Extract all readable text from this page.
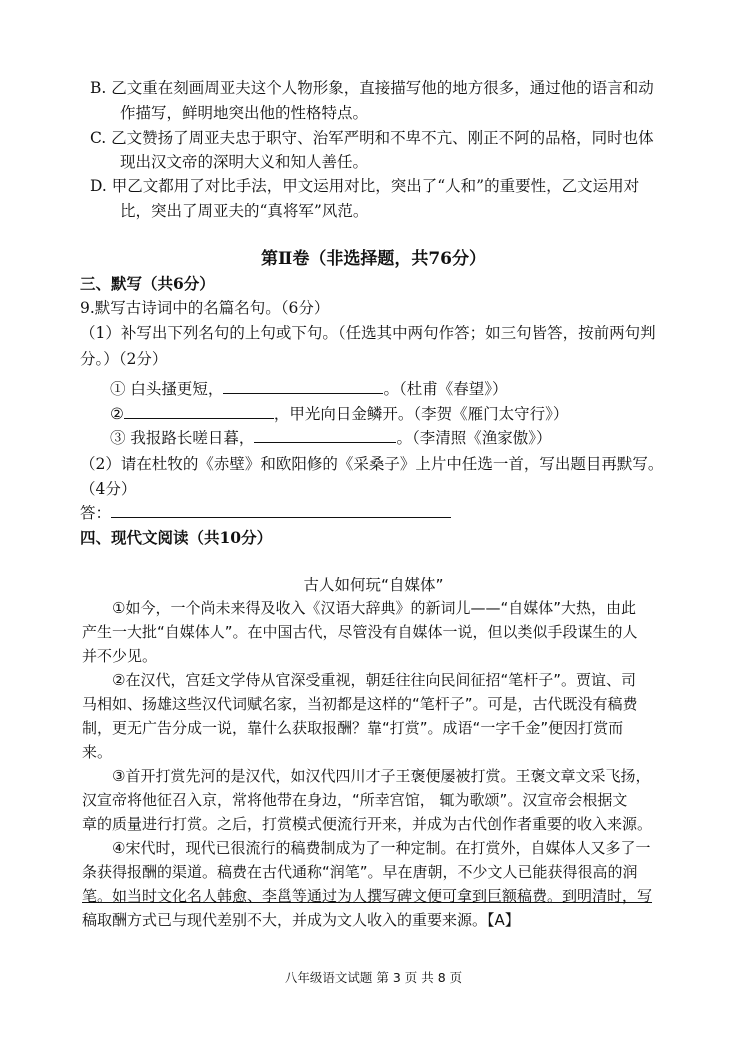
B. 乙文重在刻画周亚夫这个人物形象，直接描写他的地方很多，通过他的语言和动
作描写，鲜明地突出他的性格特点。
C. 乙文赞扬了周亚夫忠于职守、治军严明和不卑不亢、刚正不阿的品格，同时也体
现出汉文帝的深明大义和知人善任。
D. 甲乙文都用了对比手法，甲文运用对比，突出了“人和”的重要性，乙文运用对
比，突出了周亚夫的“真将军”风范。
第Ⅱ卷（非选择题，共76分）
三、默写（共6分）
9.默写古诗词中的名篇名句。（6分）
（1）补写出下列名句的上句或下句。（任选其中两句作答；如三句皆答，按前两句判
分。）（2分）
① 白头搔更短，	。（杜甫《春望》）
②	，甲光向日金鳞开。（李贺《雁门太守行》）
③ 我报路长嗟日暮，	。（李清照《渔家傲》）
（2）请在杜牧的《赤壁》和欧阳修的《采桑子》上片中任选一首，写出题目再默写。
（4分）
答：
四、现代文阅读（共10分）
古人如何玩“自媒体”
①如今，一个尚未来得及收入《汉语大辞典》的新词儿——“自媒体”大热，由此
产生一大批“自媒体人”。在中国古代，尽管没有自媒体一说，但以类似手段谋生的人
并不少见。
②在汉代，宫廷文学侍从官深受重视，朝廷往往向民间征招“笔杆子”。贾谊、司
马相如、扬雄这些汉代词赋名家，当初都是这样的“笔杆子”。可是，古代既没有稿费
制，更无广告分成一说，靠什么获取报酬？靠“打赏”。成语“一字千金”便因打赏而
来。
③首开打赏先河的是汉代，如汉代四川才子王褒便屡被打赏。王褒文章文采飞扬，
汉宣帝将他征召入京，常将他带在身边，“所幸宫馆， 辄为歌颂”。汉宣帝会根据文
章的质量进行打赏。之后，打赏模式便流行开来，并成为古代创作者重要的收入来源。
④宋代时，现代已很流行的稿费制成为了一种定制。在打赏外，自媒体人又多了一
条获得报酬的渠道。稿费在古代通称“润笔”。早在唐朝，不少文人已能获得很高的润
笔。如当时文化名人韩愈、李邕等通过为人撰写碑文便可拿到巨额稿费。到明清时，写
稿取酬方式已与现代差别不大，并成为文人收入的重要来源。【A】
八年级语文试题 第 3 页 共 8 页
